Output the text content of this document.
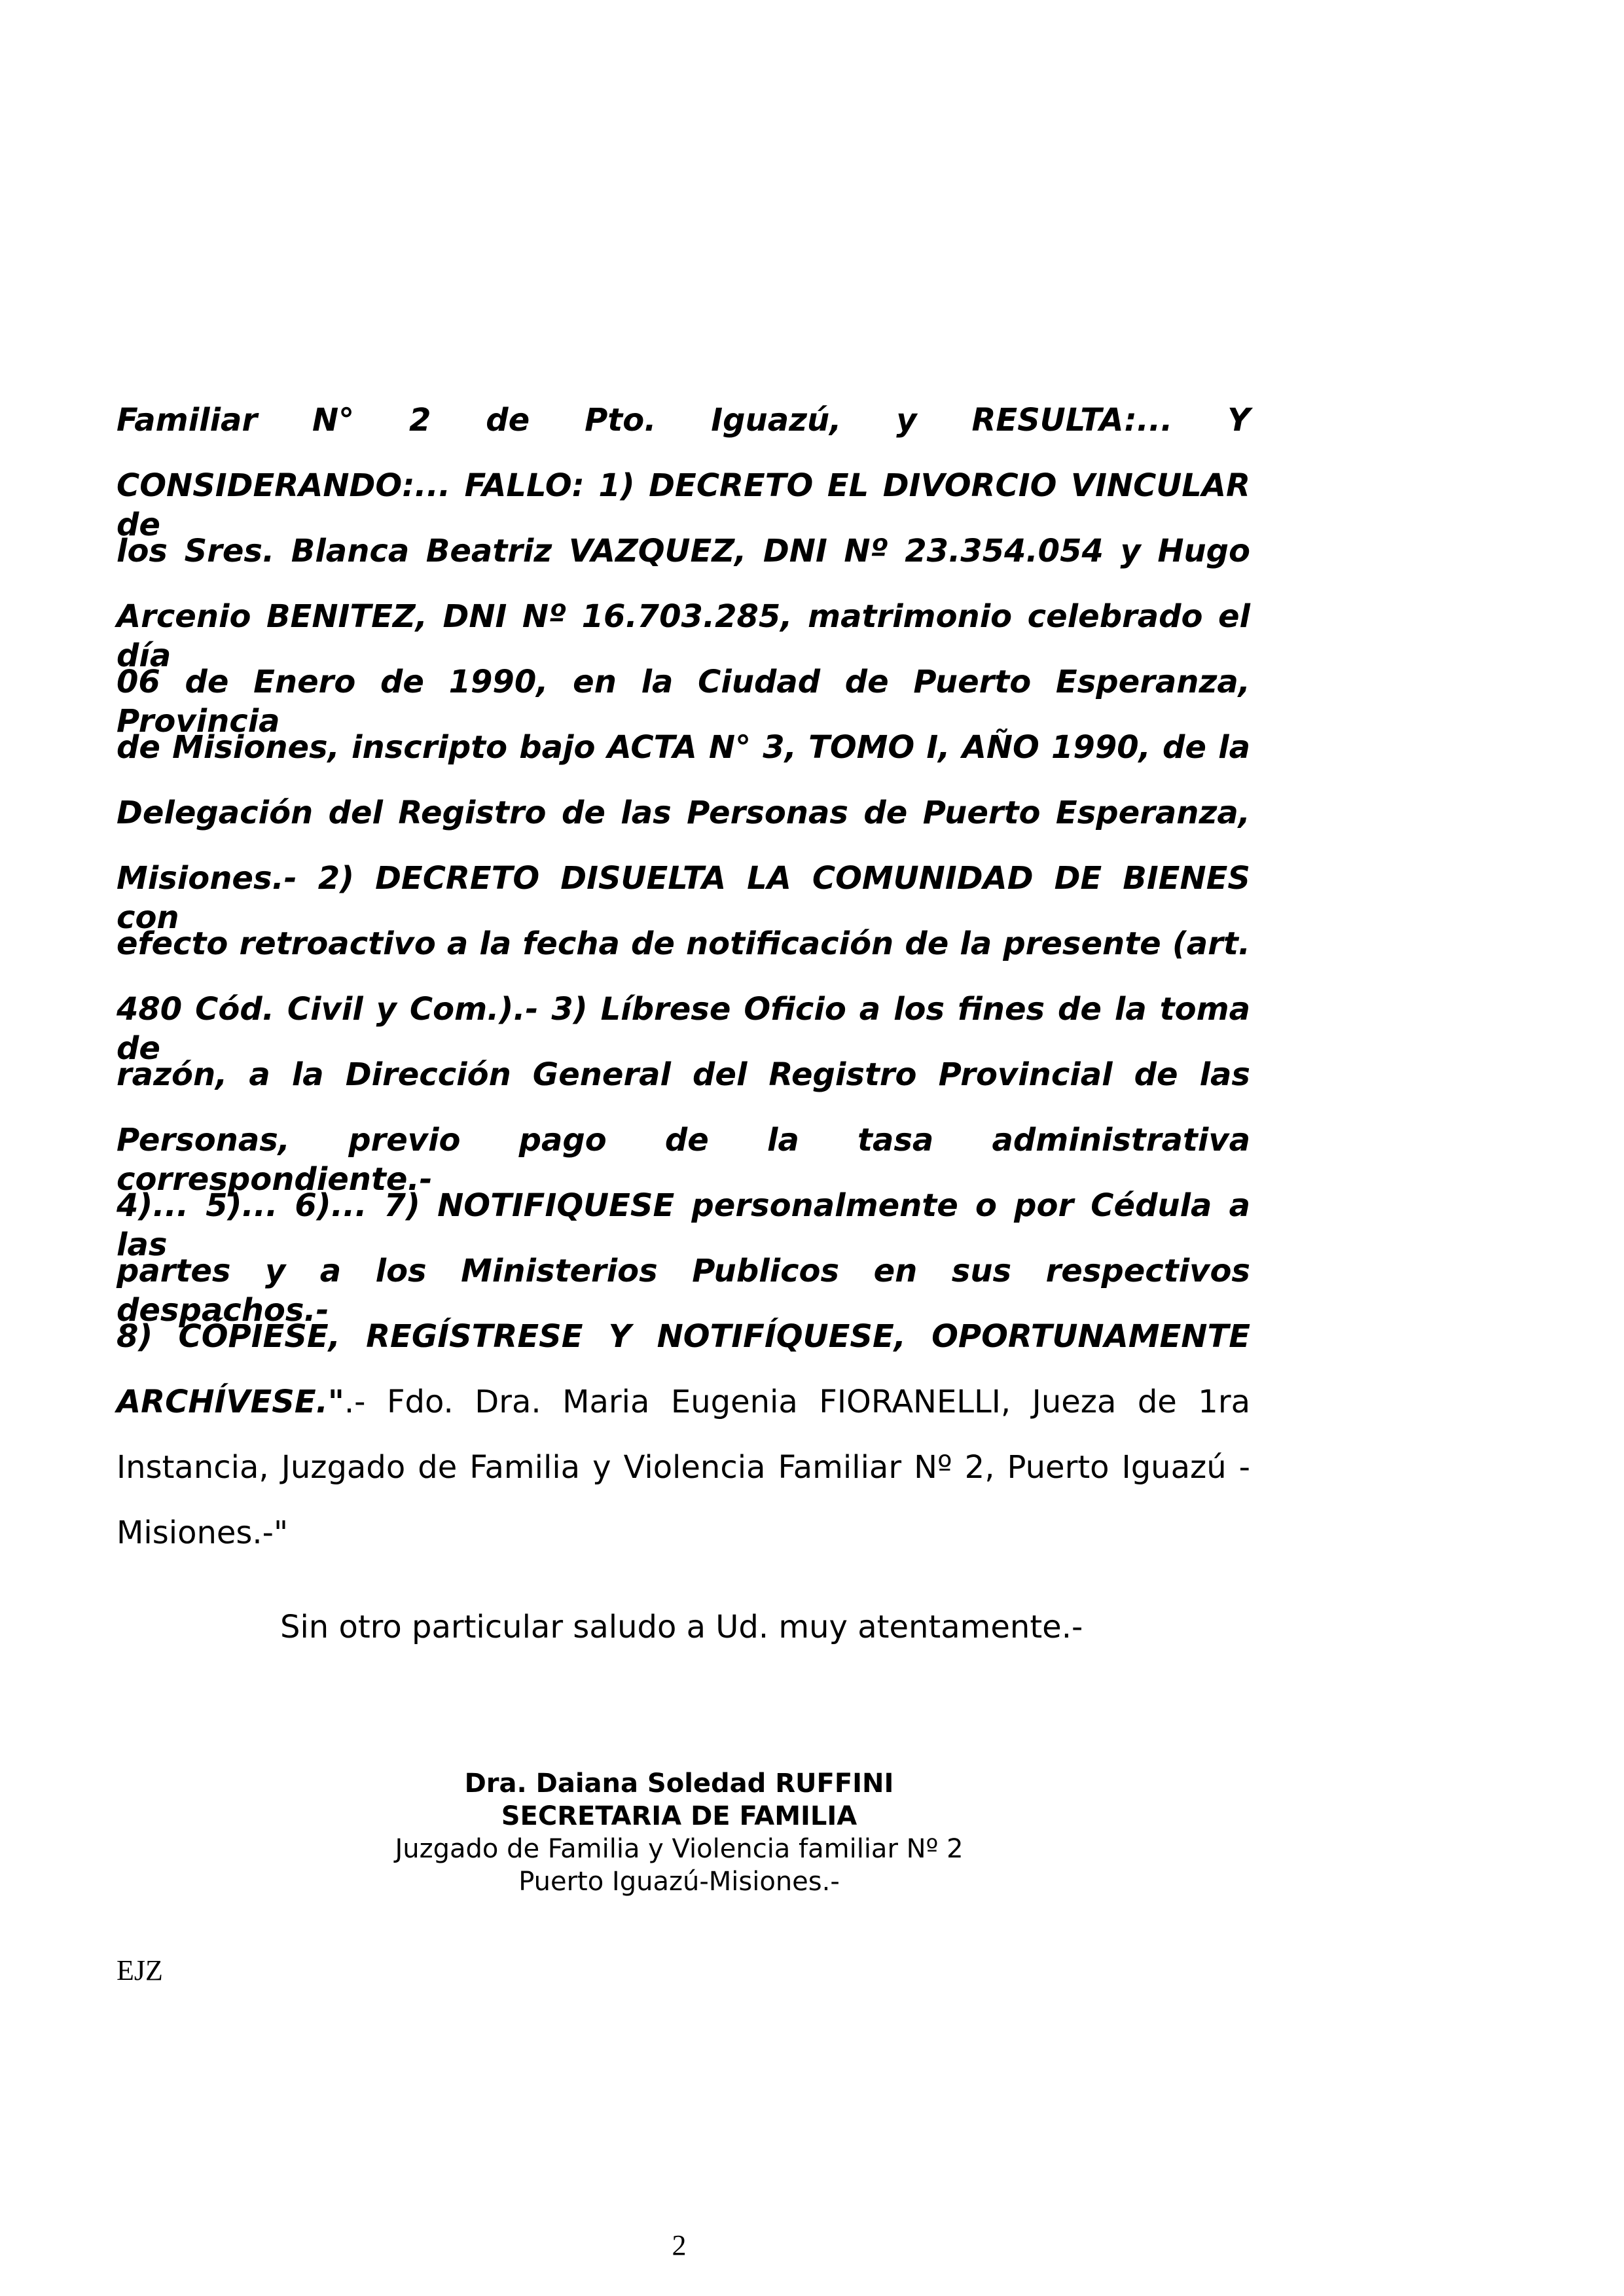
Familiar N° 2 de Pto. Iguazú, y RESULTA:... Y
CONSIDERANDO:... FALLO: 1) DECRETO EL DIVORCIO VINCULAR de
los Sres. Blanca Beatriz VAZQUEZ, DNI Nº 23.354.054 y Hugo
Arcenio BENITEZ, DNI Nº 16.703.285, matrimonio celebrado el día
06 de Enero de 1990, en la Ciudad de Puerto Esperanza, Provincia
de Misiones, inscripto bajo ACTA N° 3, TOMO I, AÑO 1990, de la
Delegación del Registro de las Personas de Puerto Esperanza,
Misiones.- 2) DECRETO DISUELTA LA COMUNIDAD DE BIENES con
efecto retroactivo a la fecha de notificación de la presente (art.
480 Cód. Civil y Com.).- 3) Líbrese Oficio a los fines de la toma de
razón, a la Dirección General del Registro Provincial de las
Personas, previo pago de la tasa administrativa correspondiente.-
4)... 5)... 6)... 7) NOTIFIQUESE personalmente o por Cédula a las
partes y a los Ministerios Publicos en sus respectivos despachos.-
8) CÓPIESE, REGÍSTRESE Y NOTIFÍQUESE, OPORTUNAMENTE
ARCHÍVESE.".- Fdo. Dra. Maria Eugenia FIORANELLI, Jueza de 1ra
Instancia, Juzgado de Familia y Violencia Familiar Nº 2, Puerto Iguazú -
Misiones.-"
Sin otro particular saludo a Ud. muy atentamente.-
Dra. Daiana Soledad RUFFINI
SECRETARIA DE FAMILIA
Juzgado de Familia y Violencia familiar Nº 2
Puerto Iguazú-Misiones.-
EJZ
2
